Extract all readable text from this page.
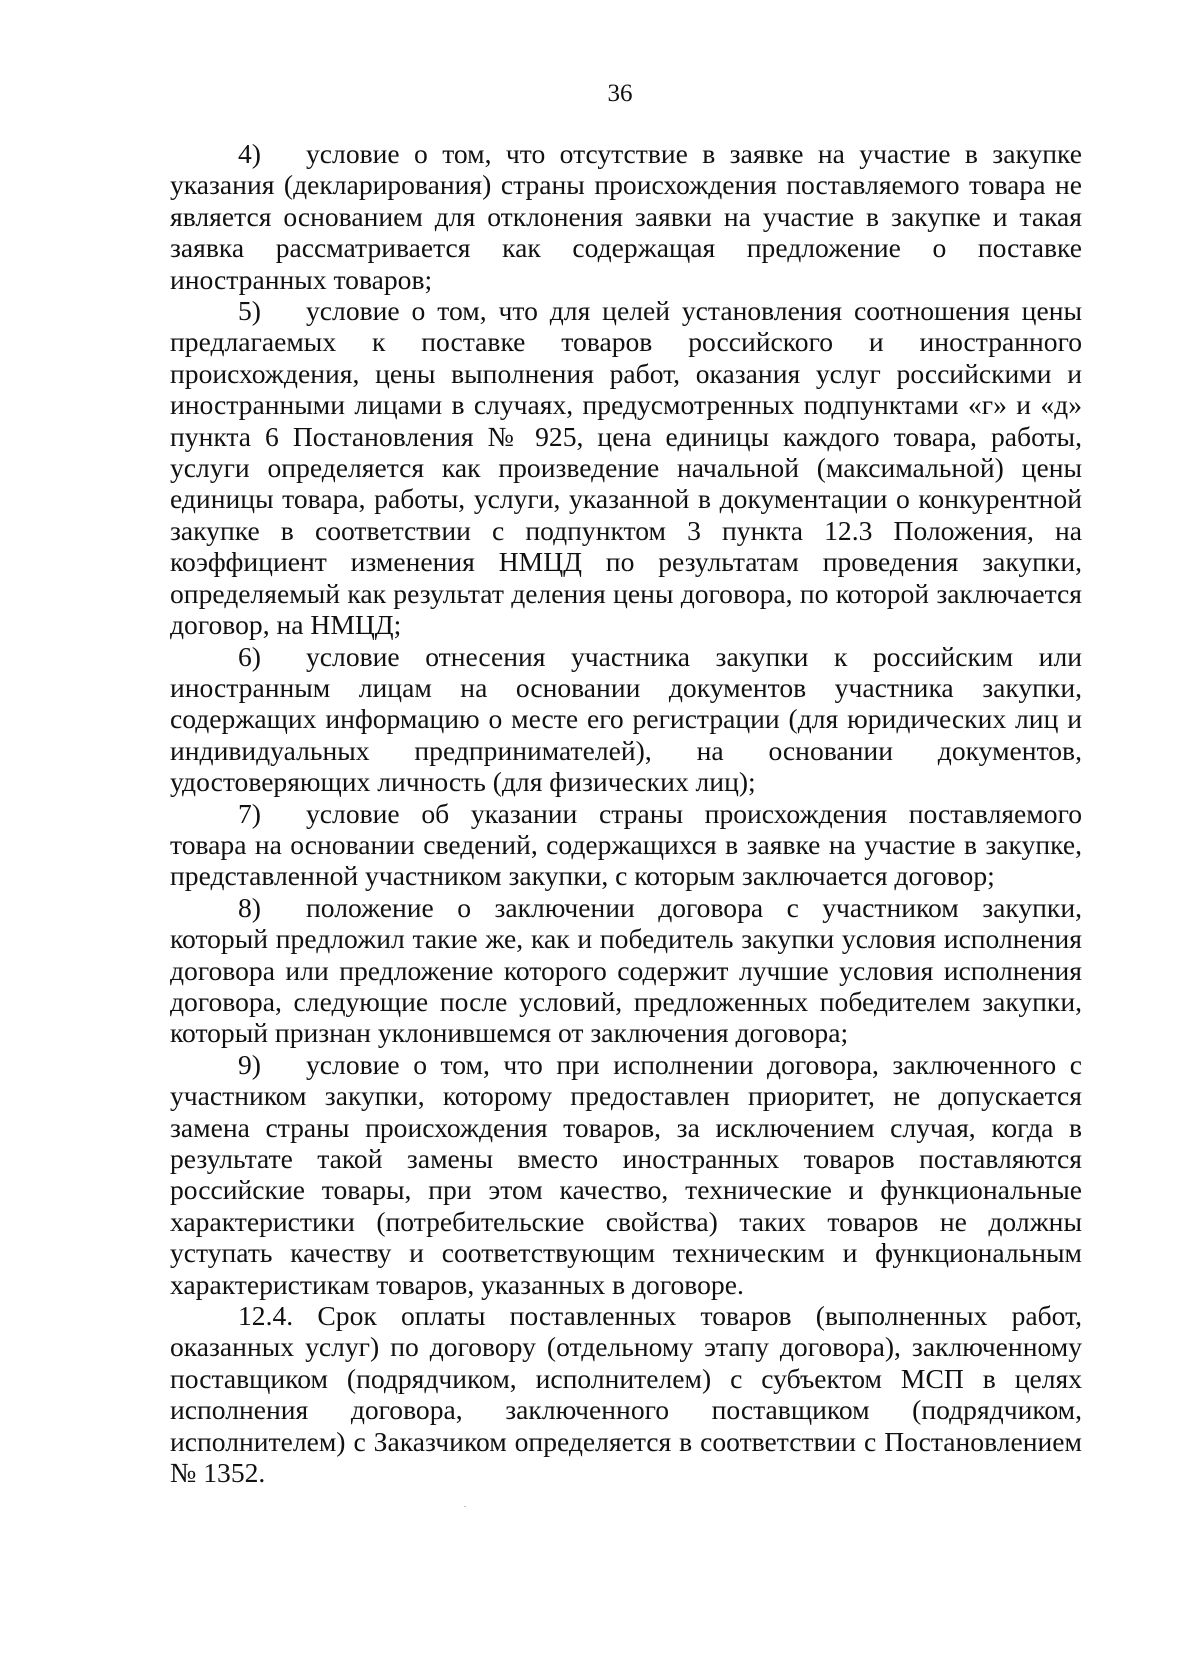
36

4) условие о том, что отсутствие в заявке на участие в закупке указания (декларирования) страны происхождения поставляемого товара не является основанием для отклонения заявки на участие в закупке и такая заявка рассматривается как содержащая предложение о поставке иностранных товаров;

5) условие о том, что для целей установления соотношения цены предлагаемых к поставке товаров российского и иностранного происхождения, цены выполнения работ, оказания услуг российскими и иностранными лицами в случаях, предусмотренных подпунктами «г» и «д» пункта 6 Постановления № 925, цена единицы каждого товара, работы, услуги определяется как произведение начальной (максимальной) цены единицы товара, работы, услуги, указанной в документации о конкурентной закупке в соответствии с подпунктом 3 пункта 12.3 Положения, на коэффициент изменения НМЦД по результатам проведения закупки, определяемый как результат деления цены договора, по которой заключается договор, на НМЦД;

6) условие отнесения участника закупки к российским или иностранным лицам на основании документов участника закупки, содержащих информацию о месте его регистрации (для юридических лиц и индивидуальных предпринимателей), на основании документов, удостоверяющих личность (для физических лиц);

7) условие об указании страны происхождения поставляемого товара на основании сведений, содержащихся в заявке на участие в закупке, представленной участником закупки, с которым заключается договор;

8) положение о заключении договора с участником закупки, который предложил такие же, как и победитель закупки условия исполнения договора или предложение которого содержит лучшие условия исполнения договора, следующие после условий, предложенных победителем закупки, который признан уклонившемся от заключения договора;

9) условие о том, что при исполнении договора, заключенного с участником закупки, которому предоставлен приоритет, не допускается замена страны происхождения товаров, за исключением случая, когда в результате такой замены вместо иностранных товаров поставляются российские товары, при этом качество, технические и функциональные характеристики (потребительские свойства) таких товаров не должны уступать качеству и соответствующим техническим и функциональным характеристикам товаров, указанных в договоре.

12.4. Срок оплаты поставленных товаров (выполненных работ, оказанных услуг) по договору (отдельному этапу договора), заключенному поставщиком (подрядчиком, исполнителем) с субъектом МСП в целях исполнения договора, заключенного поставщиком (подрядчиком, исполнителем) с Заказчиком определяется в соответствии с Постановлением № 1352.
